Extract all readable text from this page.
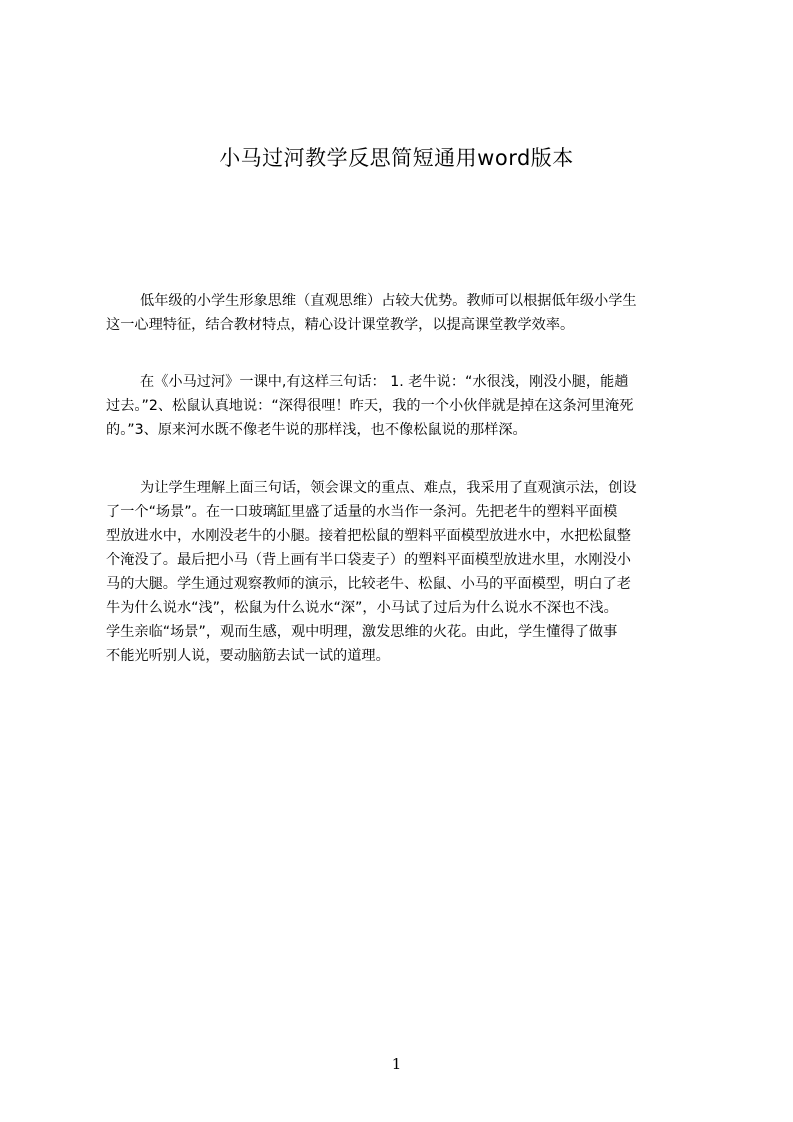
小马过河教学反思简短通用word版本

低年级的小学生形象思维（直观思维）占较大优势。教师可以根据低年级小学生
这一心理特征，结合教材特点，精心设计课堂教学，以提高课堂教学效率。

在《小马过河》一课中,有这样三句话： 1. 老牛说：“水很浅，刚没小腿，能趟
过去。”2、松鼠认真地说：“深得很哩！昨天，我的一个小伙伴就是掉在这条河里淹死
的。”3、原来河水既不像老牛说的那样浅，也不像松鼠说的那样深。

为让学生理解上面三句话，领会课文的重点、难点，我采用了直观演示法，创设
了一个“场景”。在一口玻璃缸里盛了适量的水当作一条河。先把老牛的塑料平面模
型放进水中，水刚没老牛的小腿。接着把松鼠的塑料平面模型放进水中，水把松鼠整
个淹没了。最后把小马（背上画有半口袋麦子）的塑料平面模型放进水里，水刚没小
马的大腿。学生通过观察教师的演示，比较老牛、松鼠、小马的平面模型，明白了老
牛为什么说水“浅”，松鼠为什么说水“深”，小马试了过后为什么说水不深也不浅。
学生亲临“场景”，观而生感，观中明理，激发思维的火花。由此，学生懂得了做事
不能光听别人说，要动脑筋去试一试的道理。

1
